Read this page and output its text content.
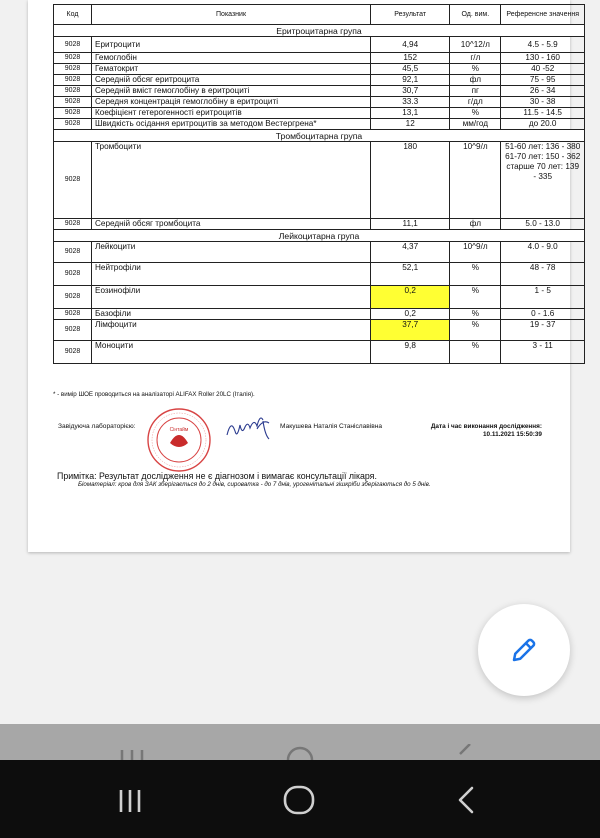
Код	Показник	Результат	Од. вим.	Референсне значення
Еритроцитарна група				
9028	Еритроцити	4,94	10^12/л	4.5 - 5.9
9028	Гемоглобін	152	г/л	130 - 160
9028	Гематокрит	45,5	%	40 -52
9028	Середній обсяг еритроцита	92,1	фл	75 - 95
9028	Середній вміст гемоглобіну в еритроциті	30,7	пг	26 - 34
9028	Середня концентрація гемоглобіну в еритроциті	33.3	г/дл	30 - 38
9028	Коефіцієнт гетерогенності еритроцитів	13,1	%	11.5 - 14.5
9028	Швидкість осідання еритроцитів за методом Вестергрена*	12	мм/год	до 20.0
Тромбоцитарна група				
9028	Тромбоцити	180	10^9/л	51-60 лет: 136 - 380
61-70 лет: 150 - 362
старше 70 лет: 139 - 335
9028	Середній обсяг тромбоцита	11,1	фл	5.0 - 13.0
Лейкоцитарна група				
9028	Лейкоцити	4,37	10^9/л	4.0 - 9.0
9028	Нейтрофіли	52,1	%	48 - 78
9028	Еозинофіли	0,2	%	1 - 5
9028	Базофіли	0,2	%	0 - 1.6
9028	Лімфоцити	37,7	%	19 - 37
9028	Моноцити	9,8	%	3 - 11
* - вимір ШОЕ проводиться на аналізаторі ALIFAX Roller 20LC (Італія).
Завідуюча лабораторією:	Сінтайм	Макушева Наталія Станіславівна	Дата і час виконання дослідження:
10.11.2021 15:50:39
Примітка: Результат дослідження не є діагнозом і вимагає консультації лікаря.
Біоматеріал: кров для ЗАК зберігається до 2 днів, сироватка - до 7 днів, урогенітальні зішкріби зберігаються до 5 днів.
